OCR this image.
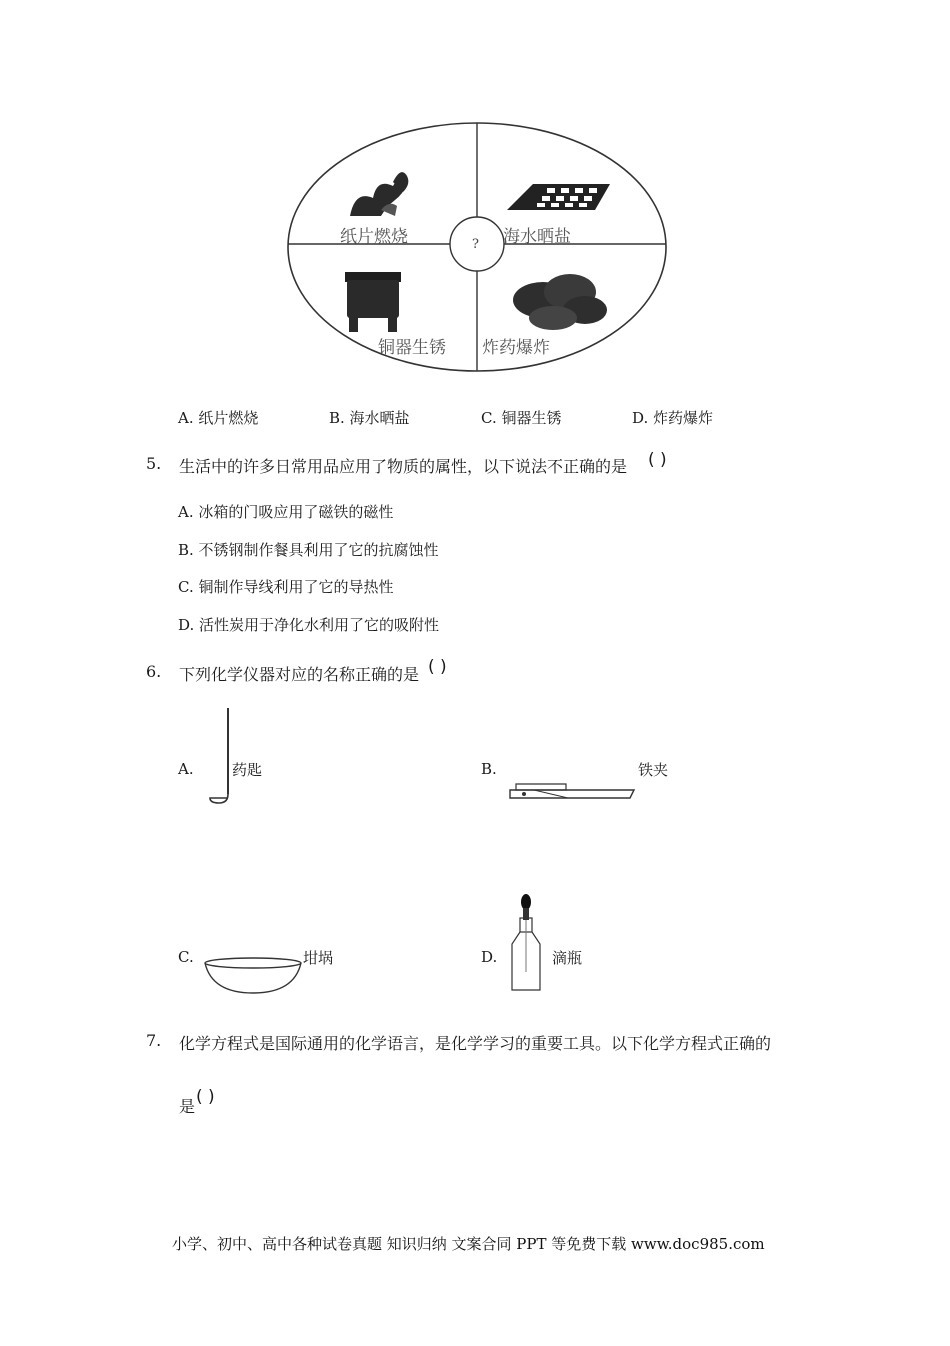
纸片燃烧	海水晒盐
铜器生锈 炸药爆炸
?
A. 纸片燃烧	B. 海水晒盐	C. 铜器生锈	D. 炸药爆炸
5. 生活中的许多日常用品应用了物质的属性，以下说法不正确的是 ( )
A. 冰箱的门吸应用了磁铁的磁性
B. 不锈钢制作餐具利用了它的抗腐蚀性
C. 铜制作导线利用了它的导热性
D. 活性炭用于净化水利用了它的吸附性
6. 下列化学仪器对应的名称正确的是 ( )
A.	药匙	B.	铁夹
C.	坩埚	D.	滴瓶
7. 化学方程式是国际通用的化学语言，是化学学习的重要工具。以下化学方程式正确的
是 ( )
小学、初中、高中各种试卷真题 知识归纳 文案合同 PPT 等免费下载 www.doc985.com
